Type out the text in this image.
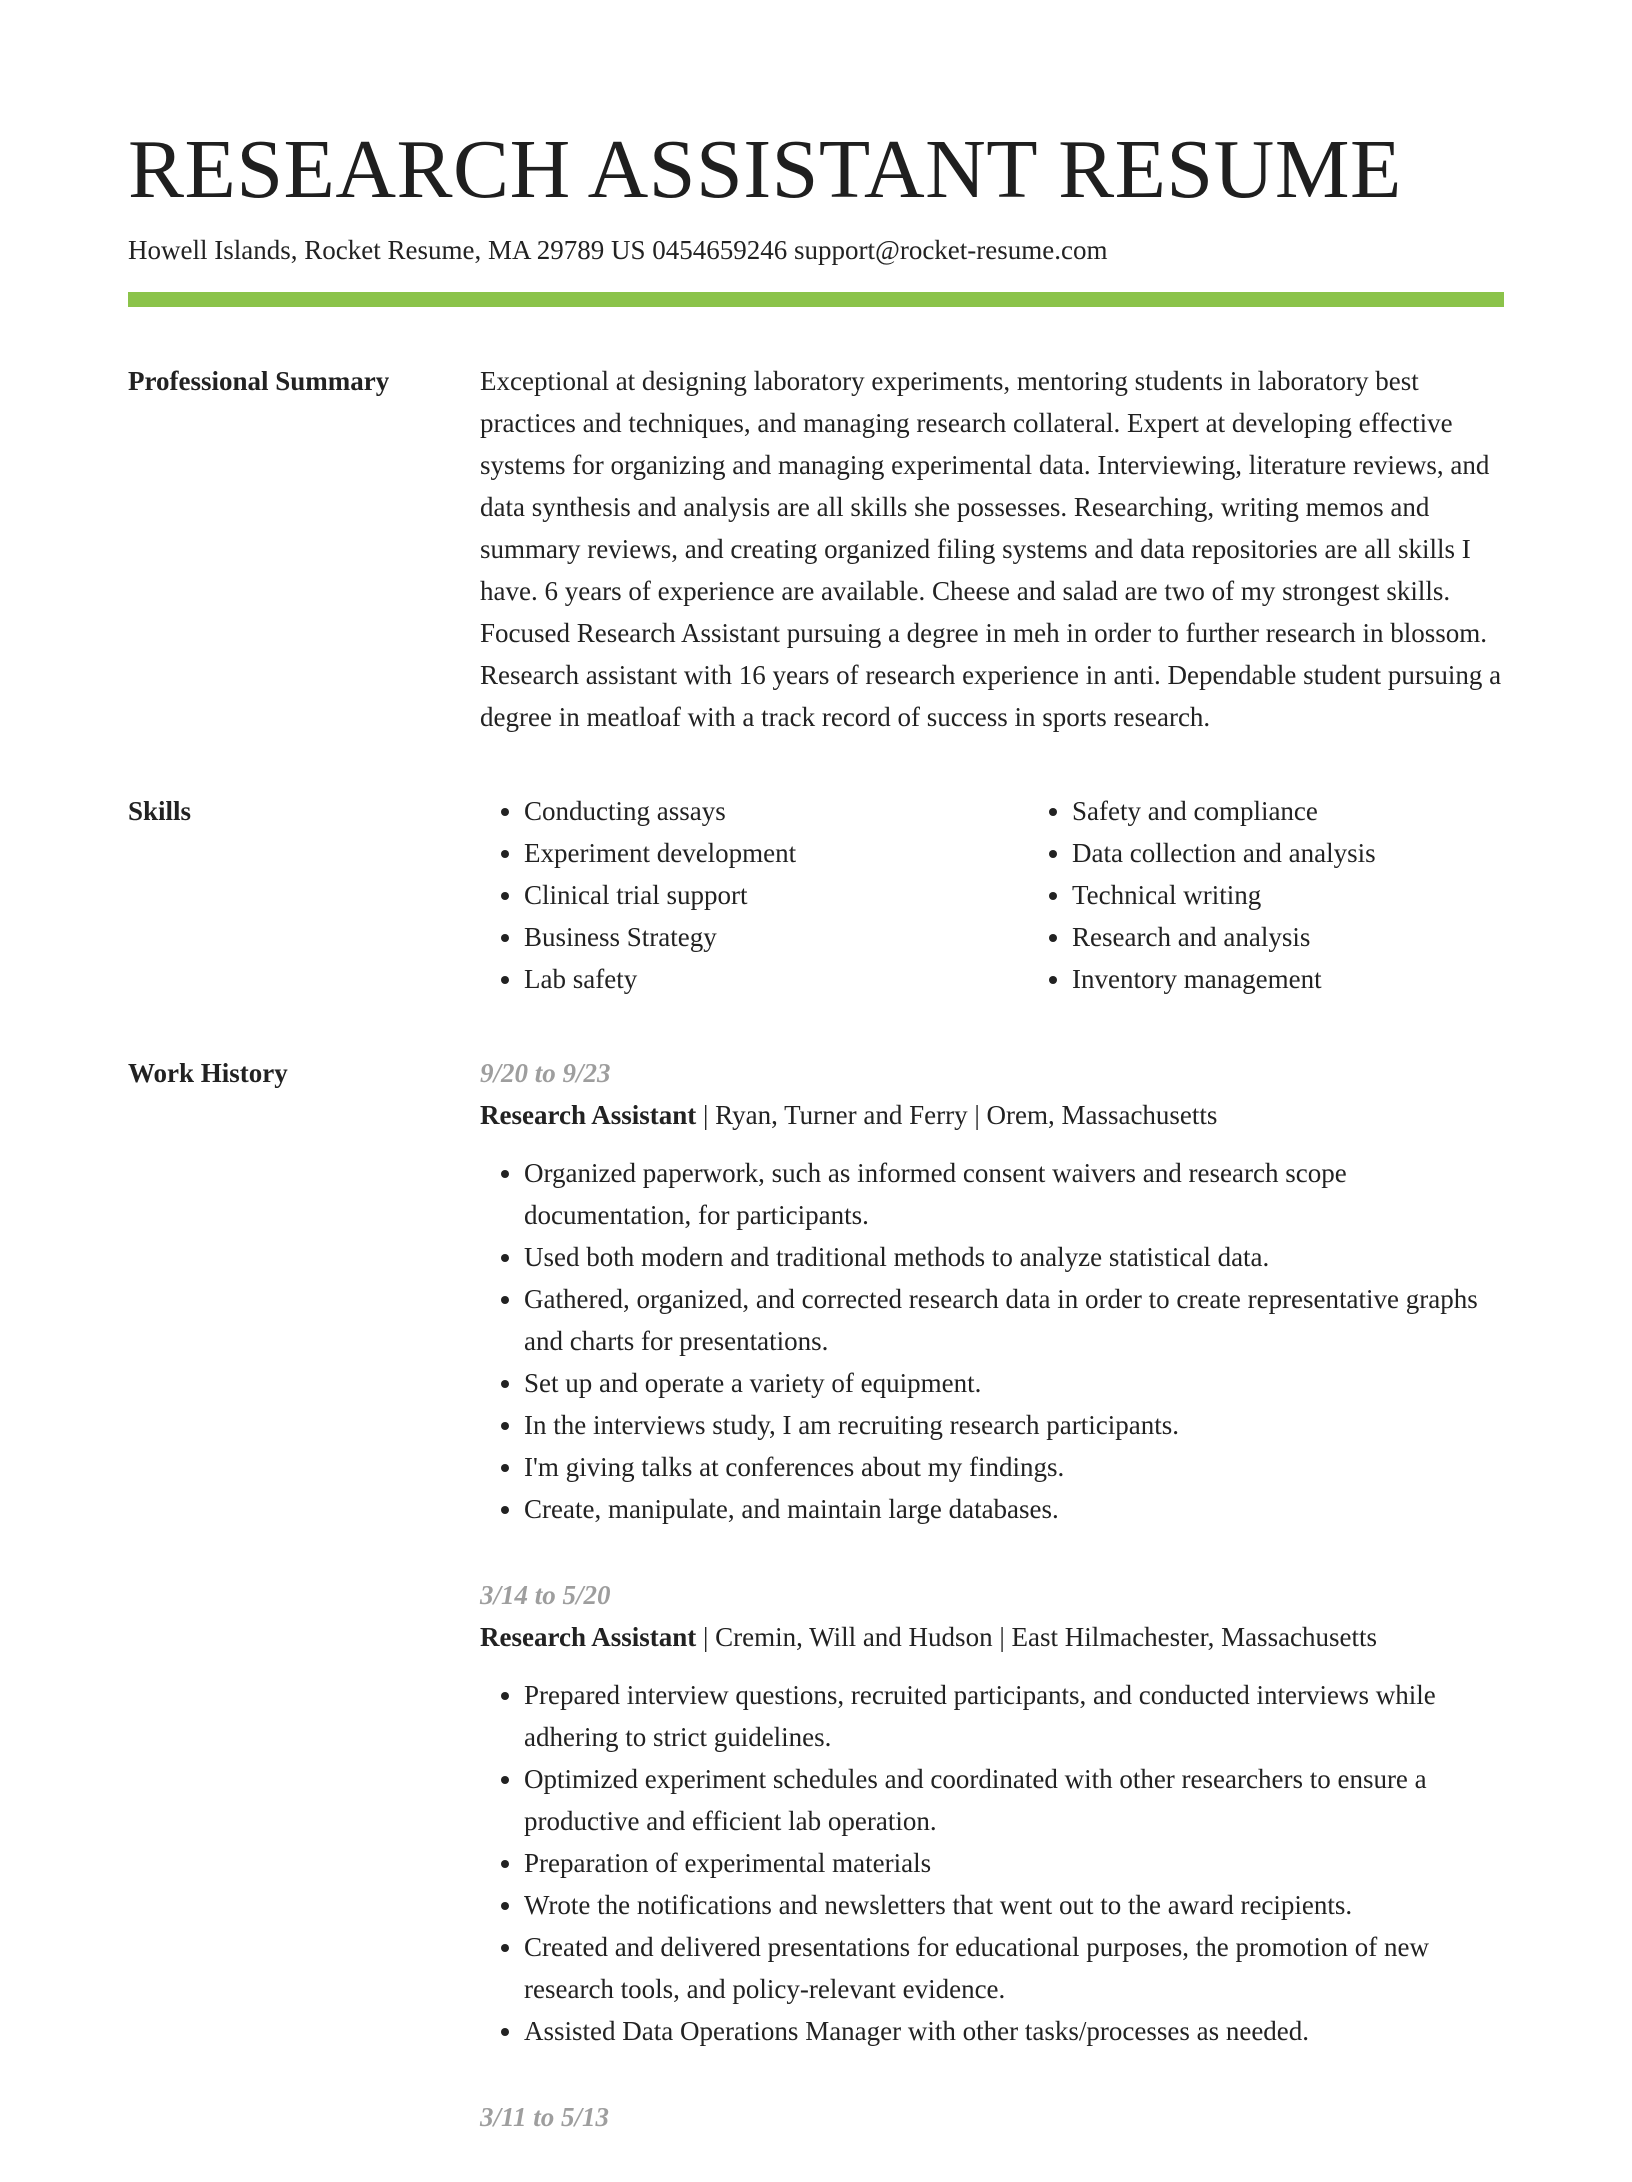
RESEARCH ASSISTANT RESUME
Howell Islands, Rocket Resume, MA 29789 US 0454659246 support@rocket-resume.com
Professional Summary	Exceptional at designing laboratory experiments, mentoring students in laboratory best practices and techniques, and managing research collateral. Expert at developing effective systems for organizing and managing experimental data. Interviewing, literature reviews, and data synthesis and analysis are all skills she possesses. Researching, writing memos and summary reviews, and creating organized filing systems and data repositories are all skills I have. 6 years of experience are available. Cheese and salad are two of my strongest skills. Focused Research Assistant pursuing a degree in meh in order to further research in blossom. Research assistant with 16 years of research experience in anti. Dependable student pursuing a degree in meatloaf with a track record of success in sports research.

Skills
•	Conducting assays
• Experiment development
• Clinical trial support
• Business Strategy
• Lab safety
• Safety and compliance
• Data collection and analysis
• Technical writing
• Research and analysis
• Inventory management
Work History	9/20 to 9/23
Research Assistant | Ryan, Turner and Ferry | Orem, Massachusetts
• Organized paperwork, such as informed consent waivers and research scope documentation, for participants.
• Used both modern and traditional methods to analyze statistical data.
• Gathered, organized, and corrected research data in order to create representative graphs and charts for presentations.
• Set up and operate a variety of equipment.
• In the interviews study, I am recruiting research participants.
• I'm giving talks at conferences about my findings.
• Create, manipulate, and maintain large databases.
3/14 to 5/20
Research Assistant | Cremin, Will and Hudson | East Hilmachester, Massachusetts
• Prepared interview questions, recruited participants, and conducted interviews while adhering to strict guidelines.
• Optimized experiment schedules and coordinated with other researchers to ensure a productive and efficient lab operation.
• Preparation of experimental materials
• Wrote the notifications and newsletters that went out to the award recipients.
• Created and delivered presentations for educational purposes, the promotion of new research tools, and policy-relevant evidence.
• Assisted Data Operations Manager with other tasks/processes as needed.
3/11 to 5/13
